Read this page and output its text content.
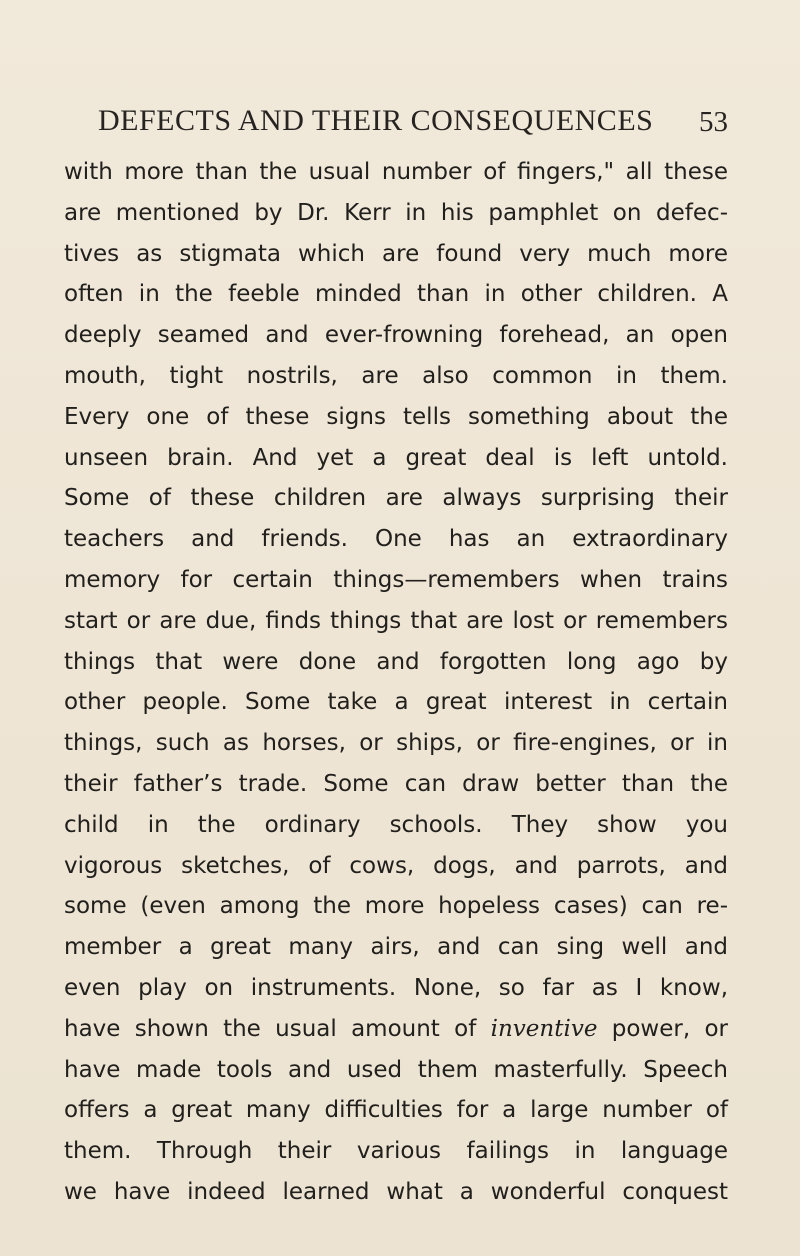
DEFECTS AND THEIR CONSEQUENCES 53
with more than the usual number of fingers," all these
are mentioned by Dr. Kerr in his pamphlet on defec-
tives as stigmata which are found very much more
often in the feeble minded than in other children. A
deeply seamed and ever-frowning forehead, an open
mouth, tight nostrils, are also common in them.
Every one of these signs tells something about the
unseen brain. And yet a great deal is left untold.
Some of these children are always surprising their
teachers and friends. One has an extraordinary
memory for certain things—remembers when trains
start or are due, finds things that are lost or remembers
things that were done and forgotten long ago by
other people. Some take a great interest in certain
things, such as horses, or ships, or fire-engines, or in
their father’s trade. Some can draw better than the
child in the ordinary schools. They show you
vigorous sketches, of cows, dogs, and parrots, and
some (even among the more hopeless cases) can re-
member a great many airs, and can sing well and
even play on instruments. None, so far as I know,
have shown the usual amount of inventive power, or
have made tools and used them masterfully. Speech
offers a great many difficulties for a large number of
them. Through their various failings in language
we have indeed learned what a wonderful conquest
